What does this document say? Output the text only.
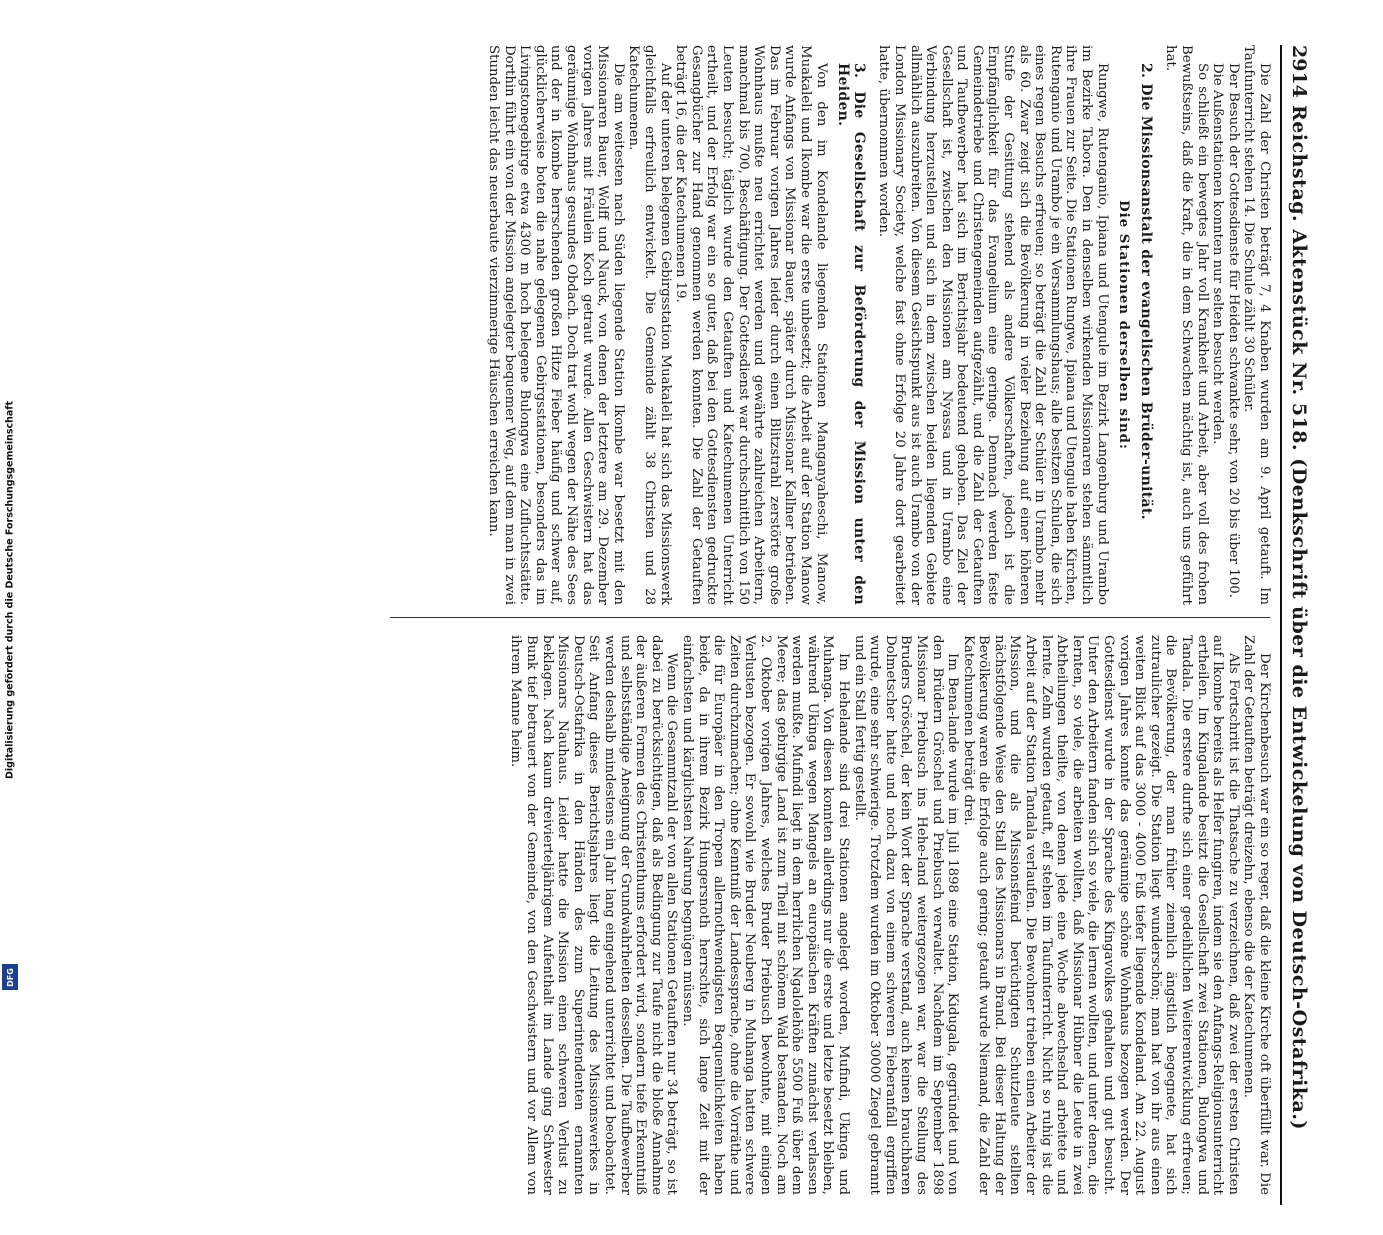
Digitalisierung gefördert durch die Deutsche Forschungsgemeinschaft
DFG
2914
Reichstag. Aktenstück Nr. 518. (Denkschrift über die Entwickelung von Deutsch-Ostafrika.)

Die Zahl der Christen beträgt 7, 4 Knaben wurden am 9. April getauft. Im Taufunterricht stehen 14. Die Schule zählt 30 Schüler.

Der Besuch der Gottesdienste für Heiden schwankte sehr, von 20 bis über 100.

Die Außenstationen konnten nur selten besucht werden.

So schließt ein bewegtes Jahr voll Krankheit und Arbeit, aber voll des frohen Bewußtseins, daß die Kraft, die in dem Schwachen mächtig ist, auch uns geführt hat.

2. Die Missionsanstalt der evangelischen Brüder-unität.

Die Stationen derselben sind:

Rungwe, Rutenganio, Ipiana und Utengule im Bezirk Langenburg und Urambo im Bezirke Tabora. Den in denselben wirkenden Missionaren stehen sämmtlich ihre Frauen zur Seite. Die Stationen Rungwe, Ipiana und Utengule haben Kirchen, Rutenganio und Urambo je ein Versammlungshaus; alle besitzen Schulen, die sich eines regen Besuchs erfreuen; so beträgt die Zahl der Schüler in Urambo mehr als 60. Zwar zeigt sich die Bevölkerung in vieler Beziehung auf einer höheren Stufe der Gesittung stehend als andere Völkerschaften, jedoch ist die Empfänglichkeit für das Evangelium eine geringe. Demnach werden feste Gemeindetriebe und Christengemeinden aufgezählt, und die Zahl der Getauften und Taufbewerber hat sich im Berichtsjahr bedeutend gehoben. Das Ziel der Gesellschaft ist, zwischen den Missionen am Nyassa und in Urambo eine Verbindung herzustellen und sich in dem zwischen beiden liegenden Gebiete allmählich auszubreiten. Von diesem Gesichtspunkt aus ist auch Urambo von der London Missionary Society, welche fast ohne Erfolge 20 Jahre dort gearbeitet hatte, übernommen worden.

3. Die Gesellschaft zur Beförderung der Mission unter den Heiden.

Von den im Kondelande liegenden Stationen Manganyaheschi, Manow, Muakaleli und Ikombe war die erste unbesetzt; die Arbeit auf der Station Manow wurde Anfangs von Missionar Bauer, später durch Missionar Kallner betrieben. Das im Februar vorigen Jahres leider durch einen Blitzstrahl zerstörte große Wohnhaus mußte neu errichtet werden und gewährte zahlreichen Arbeitern, manchmal bis 700, Beschäftigung. Der Gottesdienst war durchschnittlich von 150 Leuten besucht; täglich wurde den Getauften und Katechumenen Unterricht ertheilt, und der Erfolg war ein so guter, daß bei den Gottesdiensten gedruckte Gesangbücher zur Hand genommen werden konnten. Die Zahl der Getauften beträgt 16, die der Katechumenen 19.

Auf der unteren belegenen Gebirgsstation Muakaleli hat sich das Missionswerk gleichfalls erfreulich entwickelt. Die Gemeinde zählt 38 Christen und 28 Katechumenen.

Die am weitesten nach Süden liegende Station Ikombe war besetzt mit den Missionaren Bauer, Wolff und Nauck, von denen der letztere am 29. Dezember vorigen Jahres mit Fräulein Koch getraut wurde. Allen Geschwistern hat das geräumige Wohnhaus gesundes Obdach. Doch trat wohl wegen der Nähe des Sees und der in Ikombe herrschenden großen Hitze Fieber häufig und schwer auf, glücklicherweise boten die nahe gelegenen Gebirgsstationen, besonders das im Livingstonegebirge etwa 4300 m hoch belegene Bulongwa eine Zufluchtsstätte. Dorthin führt ein von der Mission angelegter bequemer Weg, auf dem man in zwei Stunden leicht das neuerbaute vierzimmerige Häuschen erreichen kann.

Der Kirchenbesuch war ein so reger, daß die kleine Kirche oft überfüllt war. Die Zahl der Getauften beträgt dreizehn, ebenso die der Katechumenen.

Als Fortschritt ist die Thatsache zu verzeichnen, daß zwei der ersten Christen auf Ikombe bereits als Helfer fungiren, indem sie den Anfangs-Religionsunterricht ertheilen. Im Kingalande besitzt die Gesellschaft zwei Stationen, Bulongwa und Tandala. Die erstere durfte sich einer gedeihlichen Weiterentwicklung erfreuen; die Bevölkerung, der man früher ziemlich ängstlich begegnete, hat sich zutraulicher gezeigt. Die Station liegt wunderschön; man hat von ihr aus einen weiten Blick auf das 3000 - 4000 Fuß tiefer liegende Kondeland. Am 22. August vorigen Jahres konnte das geräumige schöne Wohnhaus bezogen werden. Der Gottesdienst wurde in der Sprache des Kingavolkes gehalten und gut besucht. Unter den Arbeitern fanden sich so viele, die lernen wollten, und unter denen, die lernten, so viele, die arbeiten wollten, daß Missionar Hübner die Leute in zwei Abtheilungen theilte, von denen jede eine Woche abwechselnd arbeitete und lernte. Zehn wurden getauft, elf stehen im Taufunterricht. Nicht so ruhig ist die Arbeit auf der Station Tandala verlaufen. Die Bewohner trieben einen Arbeiter der Mission, und die als Missionsfeind berüchtigten Schutzleute stellten nächstfolgende Weise den Stall des Missionars in Brand. Bei dieser Haltung der Bevölkerung waren die Erfolge auch gering; getauft wurde Niemand, die Zahl der Katechumenen beträgt drei.

Im Bena-lande wurde im Juli 1898 eine Station, Kidugala, gegründet und von den Brüdern Gröschel und Priebusch verwaltet. Nachdem im September 1898 Missionar Priebusch ins Hehe-land weitergezogen war, war die Stellung des Bruders Gröschel, der kein Wort der Sprache verstand, auch keinen brauchbaren Dolmetscher hatte und noch dazu von einem schweren Fieberanfall ergriffen wurde, eine sehr schwierige. Trotzdem wurden im Oktober 30000 Ziegel gebrannt und ein Stall fertig gestellt.

Im Hehelande sind drei Stationen angelegt worden, Mufindi, Ukinga und Muhanga. Von diesen konnten allerdings nur die erste und letzte besetzt bleiben, während Ukinga wegen Mangels an europäischen Kräften zunächst verlassen werden mußte. Mufindi liegt in dem herrlichen Ngalolehöhe 5500 Fuß über dem Meere; das gebirgige Land ist zum Theil mit schönem Wald bestanden. Noch am 2. Oktober vorigen Jahres, welches Bruder Priebusch bewohnte, mit einigen Verlusten bezogen. Er sowohl wie Bruder Neuberg in Muhanga hatten schwere Zeiten durchzumachen; ohne Kenntniß der Landessprache, ohne die Vorräthe und die für Europäer in den Tropen allernothwendigsten Bequemlichkeiten haben beide, da in ihrem Bezirk Hungersnoth herrschte, sich lange Zeit mit der einfachsten und kärglichsten Nahrung begnügen müssen.

Wenn die Gesammtzahl der von allen Stationen Getauften nur 34 beträgt, so ist dabei zu berücksichtigen, daß als Bedingung zur Taufe nicht die bloße Annahme der äußeren Formen des Christenthums erfordert wird, sondern tiefe Erkenntniß und selbstständige Aneignung der Grundwahrheiten desselben. Die Taufbewerber werden deshalb mindestens ein Jahr lang eingehend unterrichtet und beobachtet. Seit Anfang dieses Berichtsjahres liegt die Leitung des Missionswerkes in Deutsch-Ostafrika in den Händen des zum Superintendenten ernannten Missionars Nauhaus. Leider hatte die Mission einen schweren Verlust zu beklagen. Nach kaum dreivierteljährigem Aufenthalt im Lande ging Schwester Bunk tief betrauert von der Gemeinde, von den Geschwistern und vor Allem von ihrem Manne heim.
